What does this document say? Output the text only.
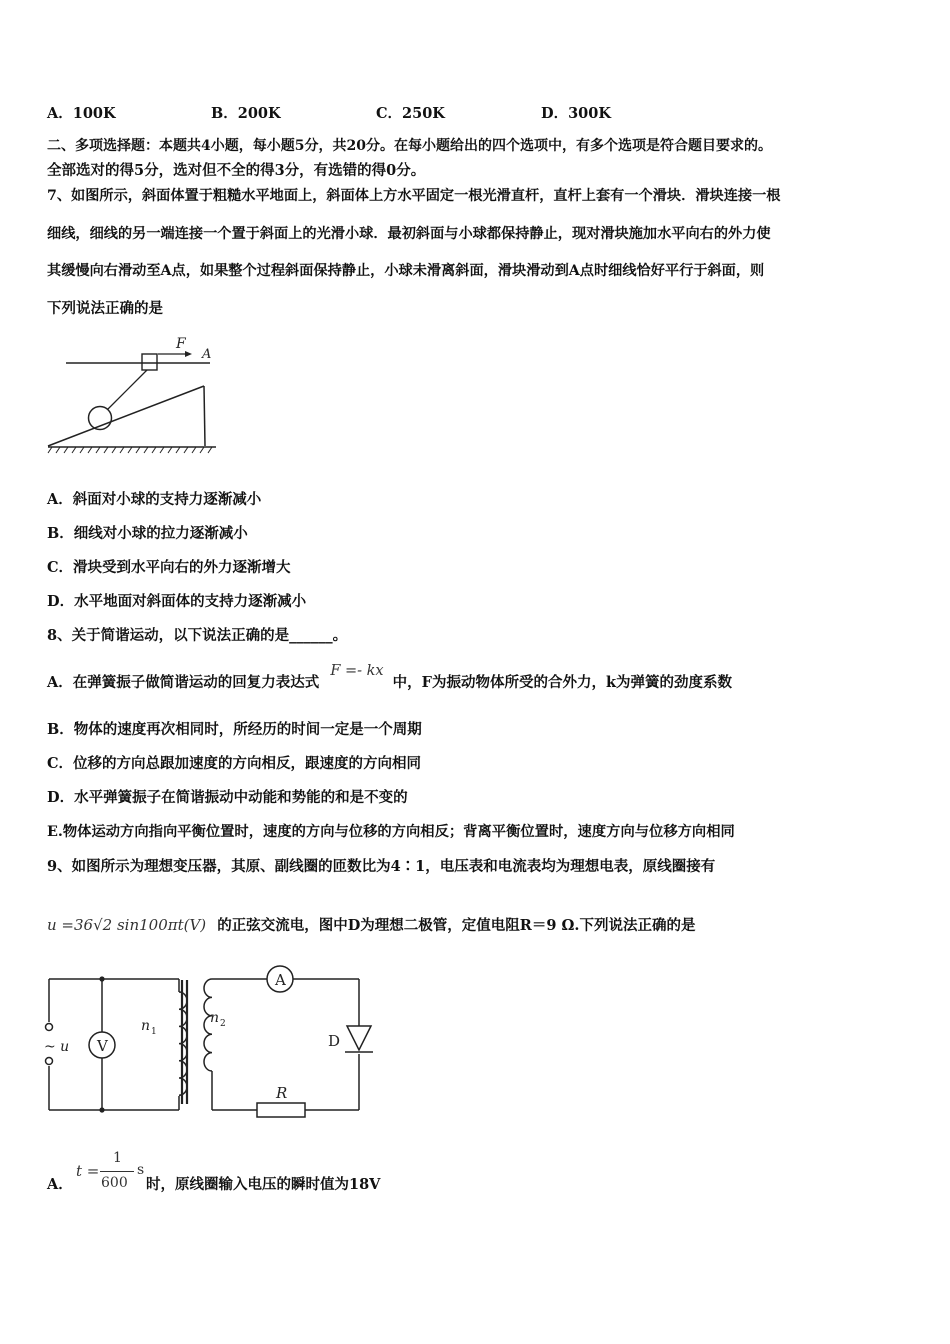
A．100K	B．200K	C．250K	D．300K
二、多项选择题：本题共4小题，每小题5分，共20分。在每小题给出的四个选项中，有多个选项是符合题目要求的。
全部选对的得5分，选对但不全的得3分，有选错的得0分。
7、如图所示，斜面体置于粗糙水平地面上，斜面体上方水平固定一根光滑直杆，直杆上套有一个滑块．滑块连接一根
细线，细线的另一端连接一个置于斜面上的光滑小球．最初斜面与小球都保持静止，现对滑块施加水平向右的外力使
其缓慢向右滑动至A点，如果整个过程斜面保持静止，小球未滑离斜面，滑块滑动到A点时细线恰好平行于斜面，则
下列说法正确的是
F
A
A．斜面对小球的支持力逐渐减小
B．细线对小球的拉力逐渐减小
C．滑块受到水平向右的外力逐渐增大
D．水平地面对斜面体的支持力逐渐减小
8、关于简谐运动，以下说法正确的是______。
A．在弹簧振子做简谐运动的回复力表达式 F =- kx 中，F为振动物体所受的合外力，k为弹簧的劲度系数
B．物体的速度再次相同时，所经历的时间一定是一个周期
C．位移的方向总跟加速度的方向相反，跟速度的方向相同
D．水平弹簧振子在简谐振动中动能和势能的和是不变的
E.物体运动方向指向平衡位置时，速度的方向与位移的方向相反；背离平衡位置时，速度方向与位移方向相同
9、如图所示为理想变压器，其原、副线圈的匝数比为4∶1，电压表和电流表均为理想电表，原线圈接有
u =36√2 sin100πt(V) 的正弦交流电，图中D为理想二极管，定值电阻R＝9 Ω.下列说法正确的是
A
V
~ u
n 1
n 2
D
R
A．
t =
1
600
s
时，原线圈输入电压的瞬时值为18V
